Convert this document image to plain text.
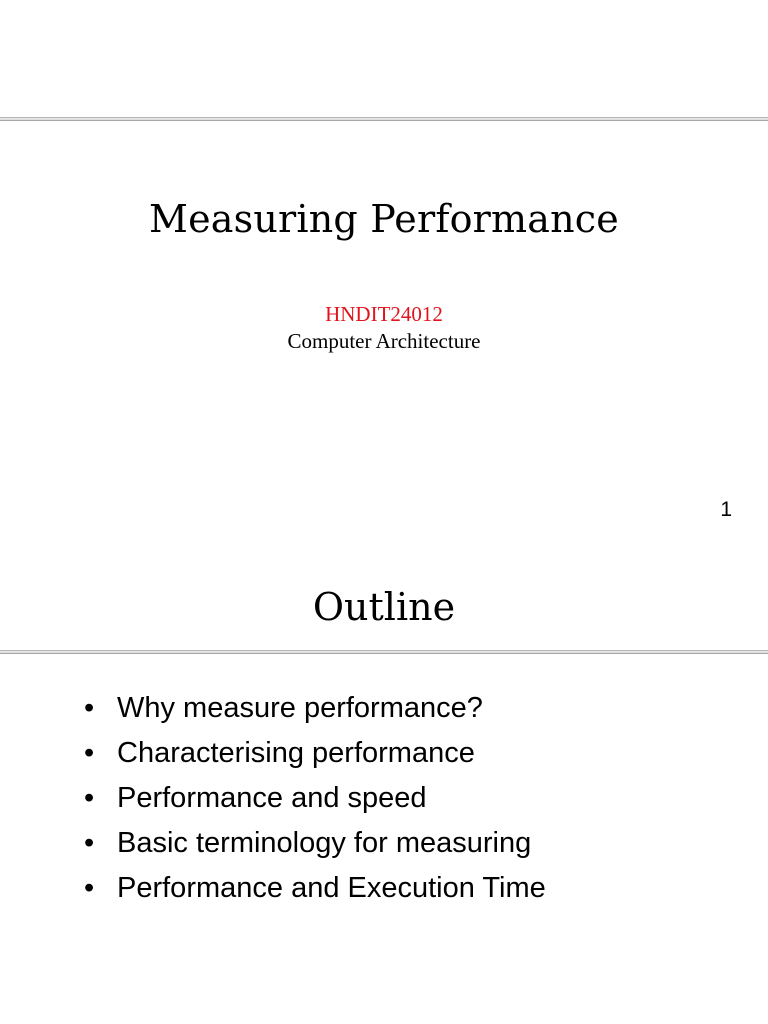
Measuring Performance
HNDIT24012
Computer Architecture
1
Outline
• Why measure performance?
• Characterising performance
• Performance and speed
• Basic terminology for measuring
• Performance and Execution Time
